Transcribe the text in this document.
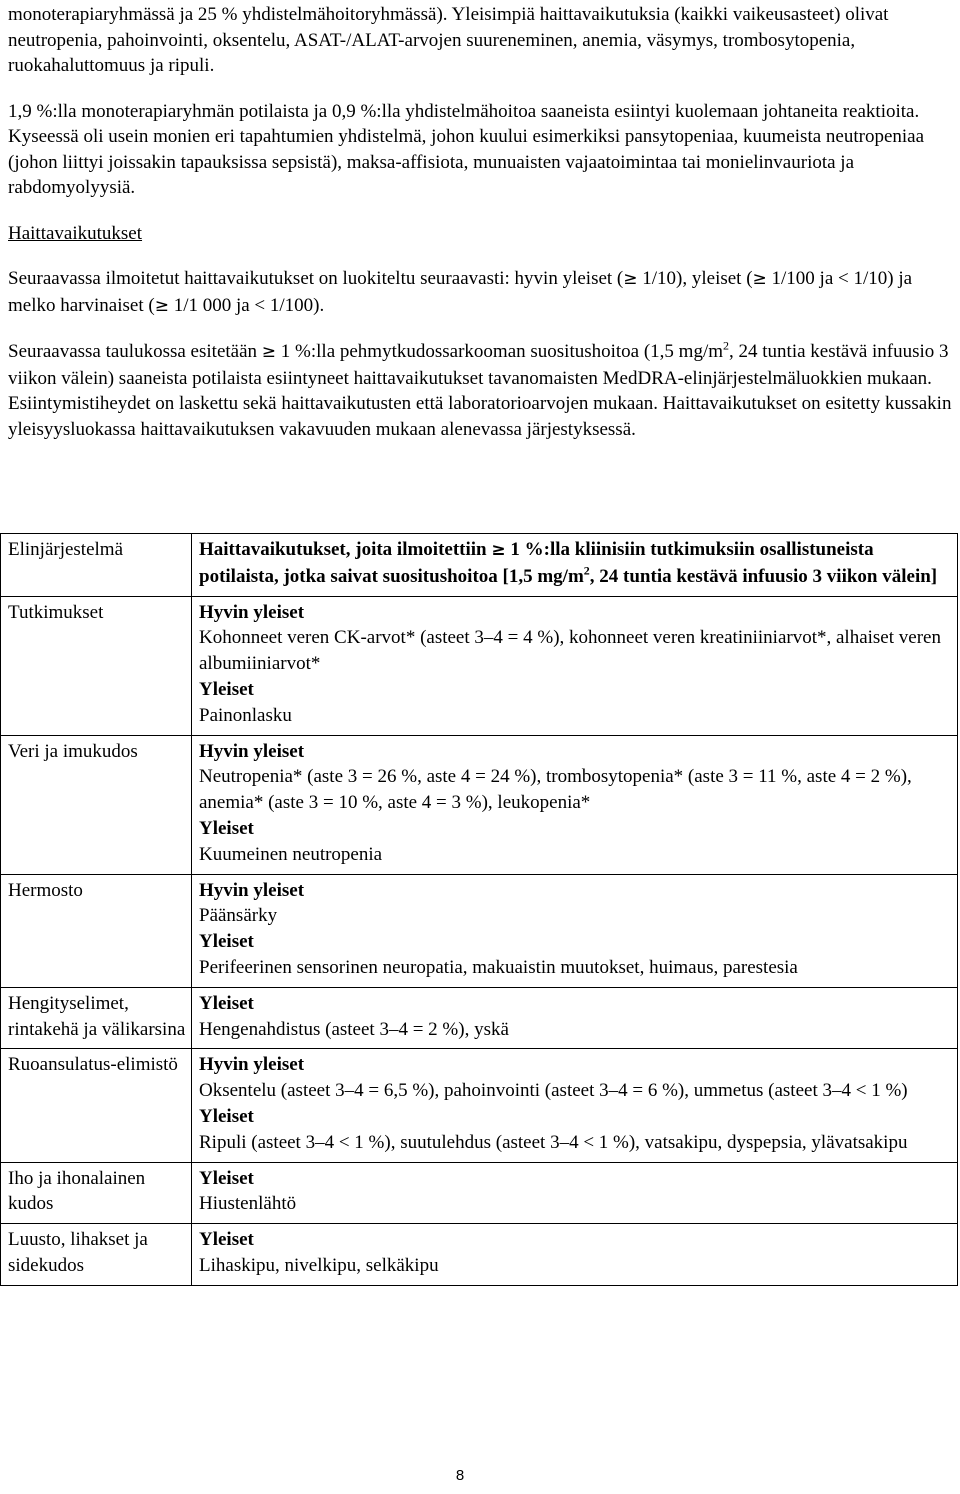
monoterapiaryhmässä ja 25 % yhdistelmähoitoryhmässä). Yleisimpiä haittavaikutuksia (kaikki vaikeusasteet) olivat neutropenia, pahoinvointi, oksentelu, ASAT-/ALAT-arvojen suureneminen, anemia, väsymys, trombosytopenia, ruokahaluttomuus ja ripuli.

1,9 %:lla monoterapiaryhmän potilaista ja 0,9 %:lla yhdistelmähoitoa saaneista esiintyi kuolemaan johtaneita reaktioita. Kyseessä oli usein monien eri tapahtumien yhdistelmä, johon kuului esimerkiksi pansytopeniaa, kuumeista neutropeniaa (johon liittyi joissakin tapauksissa sepsistä), maksa-affisiota, munuaisten vajaatoimintaa tai monielinvauriota ja rabdomyolyysiä.

Haittavaikutukset

Seuraavassa ilmoitetut haittavaikutukset on luokiteltu seuraavasti: hyvin yleiset (≥ 1/10), yleiset (≥ 1/100 ja < 1/10) ja melko harvinaiset (≥ 1/1 000 ja < 1/100).

Seuraavassa taulukossa esitetään ≥ 1 %:lla pehmytkudossarkooman suositushoitoa (1,5 $mg/m^2$, 24 tuntia kestävä infuusio 3 viikon välein) saaneista potilaista esiintyneet haittavaikutukset tavanomaisten MedDRA-elinjärjestelmäluokkien mukaan. Esiintymistiheydet on laskettu sekä haittavaikutusten että laboratorioarvojen mukaan. Haittavaikutukset on esitetty kussakin yleisyysluokassa haittavaikutuksen vakavuuden mukaan alenevassa järjestyksessä.

Elinjärjestelmä	Haittavaikutukset, joita ilmoitettiin ≥ 1 %:lla kliinisiin tutkimuksiin osallistuneista potilaista, jotka saivat suositushoitoa [1,5 $mg/m^2$, 24 tuntia kestävä infuusio 3 viikon välein]
Tutkimukset	Hyvin yleiset
Kohonneet veren CK-arvot* (asteet 3–4 = 4 %), kohonneet veren kreatiniiniarvot*, alhaiset veren albumiiniarvot*
Yleiset
Painonlasku

Veri ja imukudos	Hyvin yleiset
Neutropenia* (aste 3 = 26 %, aste 4 = 24 %), trombosytopenia* (aste 3 = 11 %, aste 4 = 2 %), anemia* (aste 3 = 10 %, aste 4 = 3 %), leukopenia*
Yleiset
Kuumeinen neutropenia

Hermosto	Hyvin yleiset
Päänsärky
Yleiset
Perifeerinen sensorinen neuropatia, makuaistin muutokset, huimaus, parestesia

Hengityselimet, rintakehä ja välikarsina	Yleiset
Hengenahdistus (asteet 3–4 = 2 %), yskä

Ruoansulatus-elimistö	Hyvin yleiset
Oksentelu (asteet 3–4 = 6,5 %), pahoinvointi (asteet 3–4 = 6 %), ummetus (asteet 3–4 < 1 %)
Yleiset
Ripuli (asteet 3–4 < 1 %), suutulehdus (asteet 3–4 < 1 %), vatsakipu, dyspepsia, ylävatsakipu

Iho ja ihonalainen kudos	Yleiset
Hiustenlähtö

Luusto, lihakset ja sidekudos	Yleiset
Lihaskipu, nivelkipu, selkäkipu
8
